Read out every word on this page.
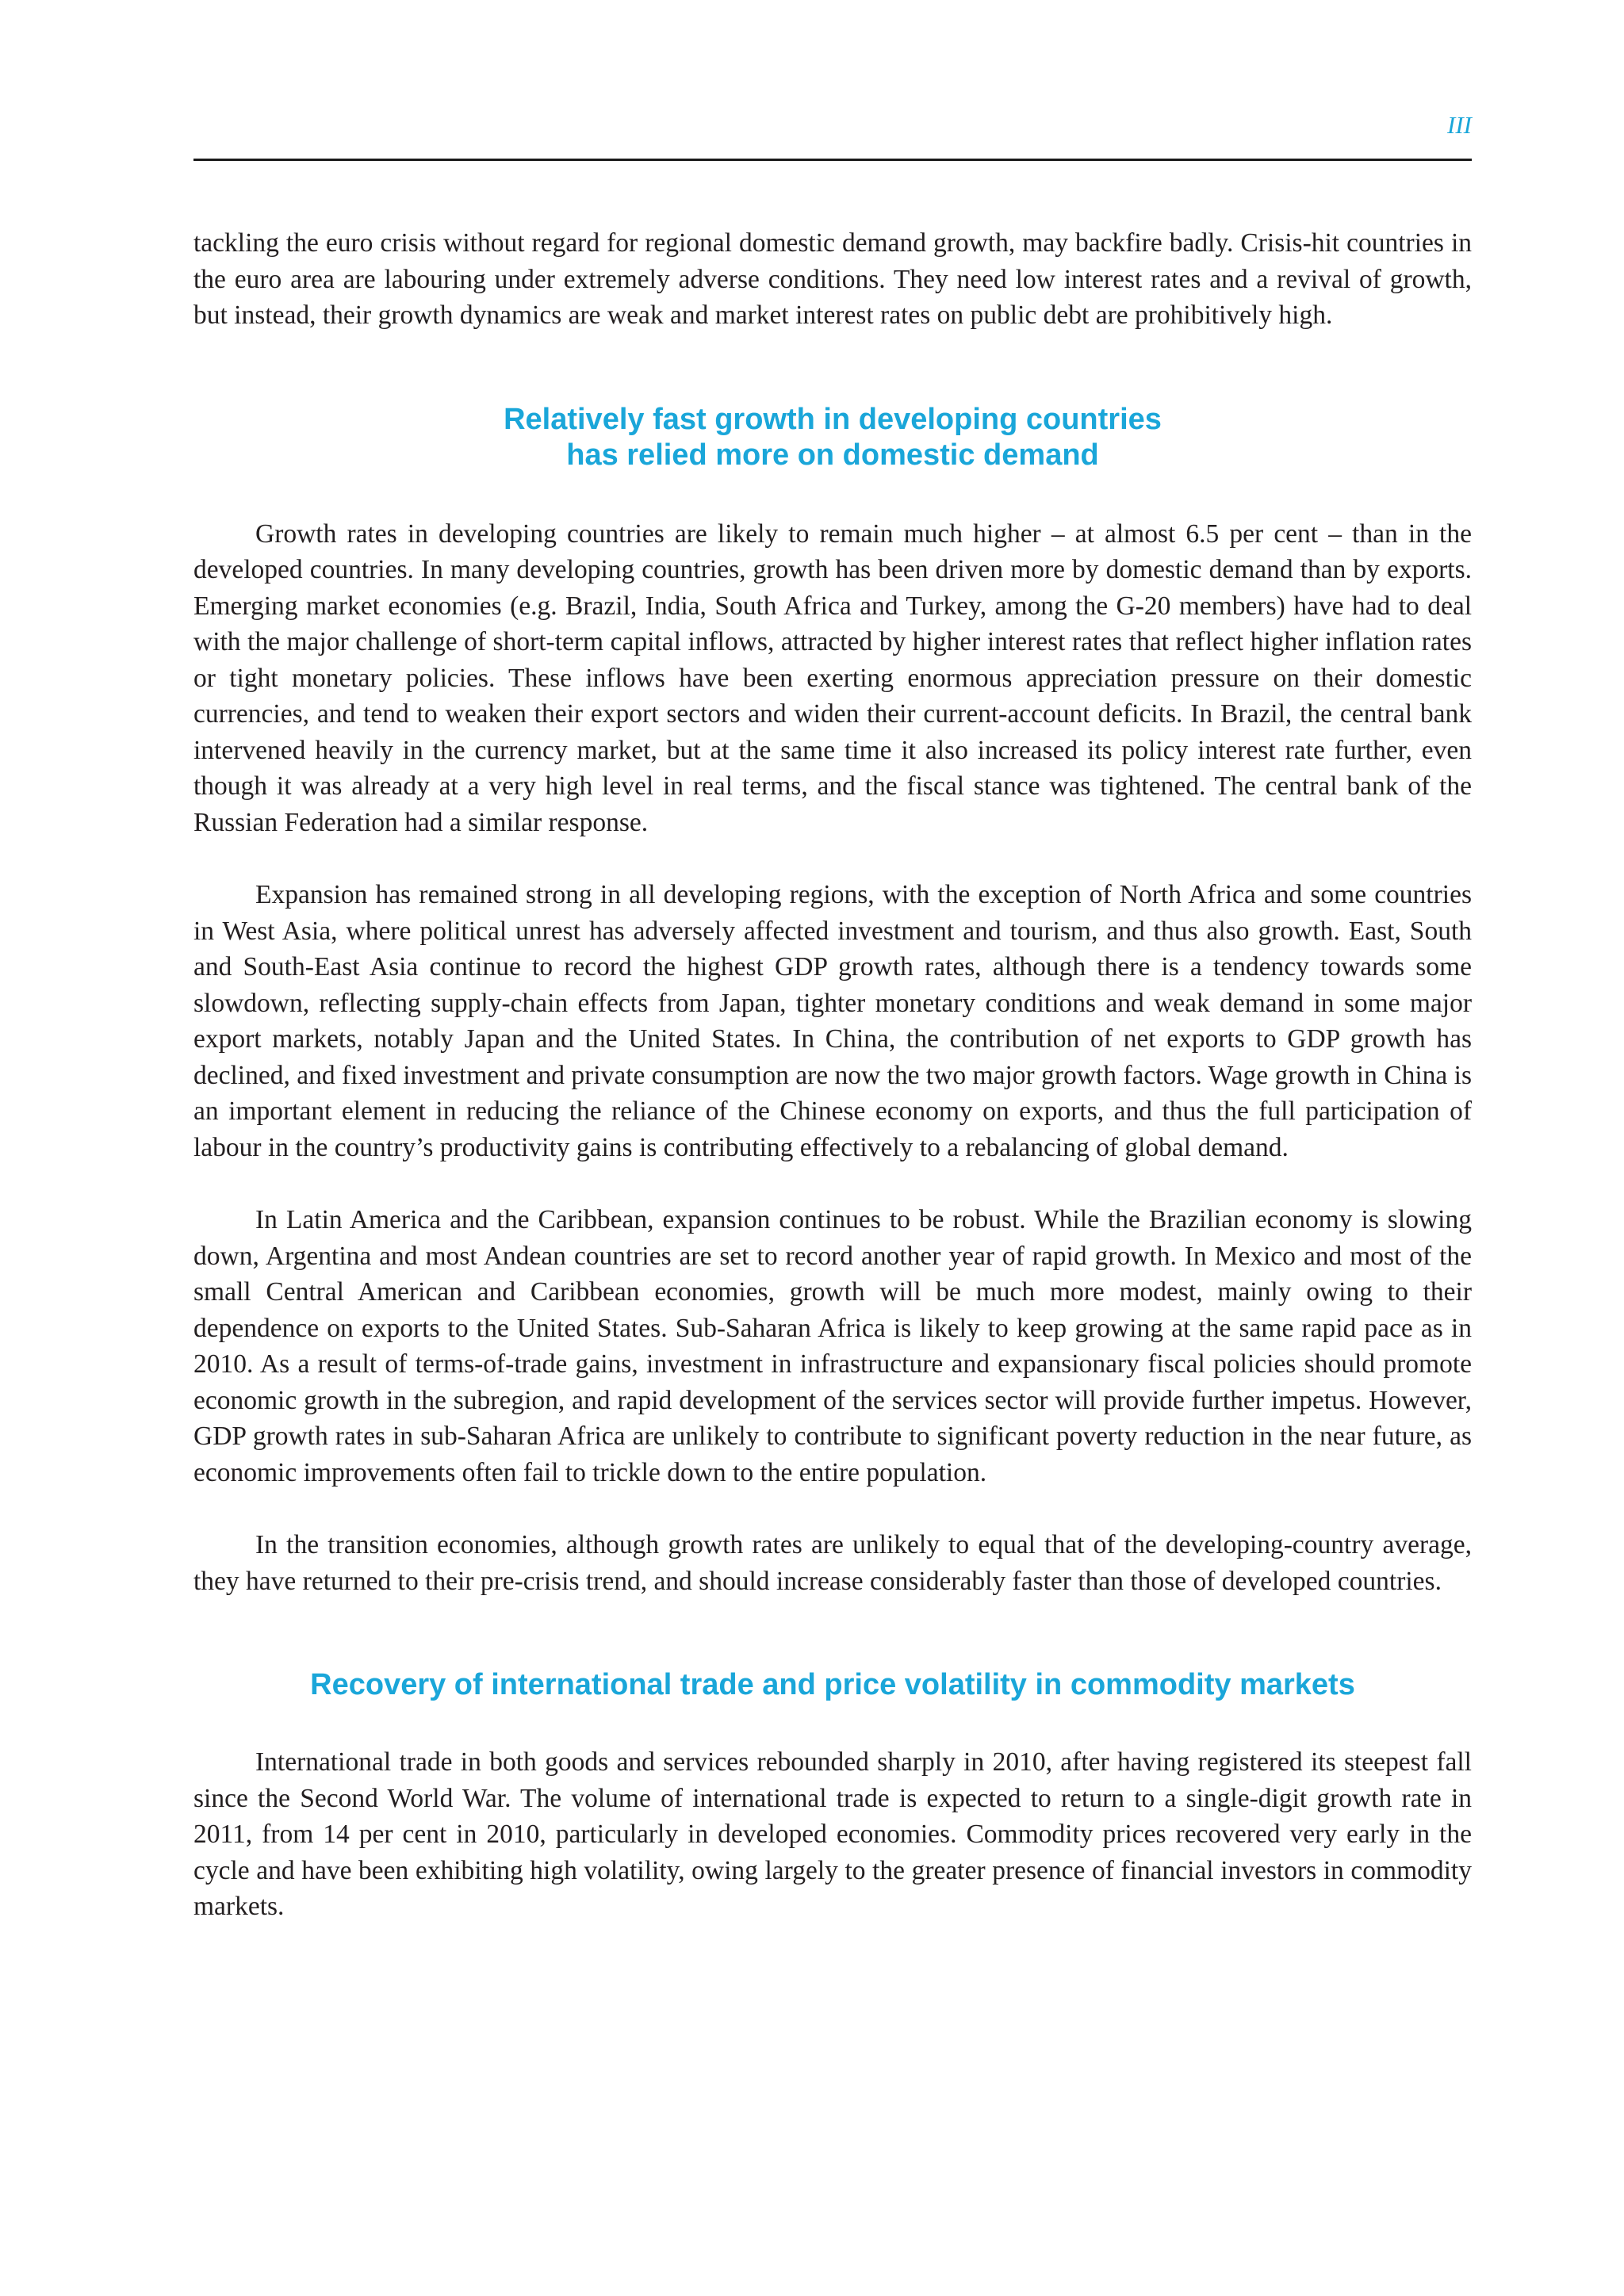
III

tackling the euro crisis without regard for regional domestic demand growth, may backfire badly. Crisis-hit countries in the euro area are labouring under extremely adverse conditions. They need low interest rates and a revival of growth, but instead, their growth dynamics are weak and market interest rates on public debt are prohibitively high.

Relatively fast growth in developing countries
has relied more on domestic demand

Growth rates in developing countries are likely to remain much higher – at almost 6.5 per cent – than in the developed countries. In many developing countries, growth has been driven more by domestic demand than by exports. Emerging market economies (e.g. Brazil, India, South Africa and Turkey, among the G-20 members) have had to deal with the major challenge of short-term capital inflows, attracted by higher interest rates that reflect higher inflation rates or tight monetary policies. These inflows have been exerting enormous appreciation pressure on their domestic currencies, and tend to weaken their export sectors and widen their current-account deficits. In Brazil, the central bank intervened heavily in the currency market, but at the same time it also increased its policy interest rate further, even though it was already at a very high level in real terms, and the fiscal stance was tightened. The central bank of the Russian Federation had a similar response.

Expansion has remained strong in all developing regions, with the exception of North Africa and some countries in West Asia, where political unrest has adversely affected investment and tourism, and thus also growth. East, South and South-East Asia continue to record the highest GDP growth rates, although there is a tendency towards some slowdown, reflecting supply-chain effects from Japan, tighter monetary conditions and weak demand in some major export markets, notably Japan and the United States. In China, the contribution of net exports to GDP growth has declined, and fixed investment and private consumption are now the two major growth factors. Wage growth in China is an important element in reducing the reliance of the Chinese economy on exports, and thus the full participation of labour in the country’s productivity gains is contributing effectively to a rebalancing of global demand.

In Latin America and the Caribbean, expansion continues to be robust. While the Brazilian economy is slowing down, Argentina and most Andean countries are set to record another year of rapid growth. In Mexico and most of the small Central American and Caribbean economies, growth will be much more modest, mainly owing to their dependence on exports to the United States. Sub-Saharan Africa is likely to keep growing at the same rapid pace as in 2010. As a result of terms-of-trade gains, investment in infrastructure and expansionary fiscal policies should promote economic growth in the subregion, and rapid development of the services sector will provide further impetus. However, GDP growth rates in sub-Saharan Africa are unlikely to contribute to significant poverty reduction in the near future, as economic improvements often fail to trickle down to the entire population.

In the transition economies, although growth rates are unlikely to equal that of the developing-country average, they have returned to their pre-crisis trend, and should increase considerably faster than those of developed countries.

Recovery of international trade and price volatility in commodity markets

International trade in both goods and services rebounded sharply in 2010, after having registered its steepest fall since the Second World War. The volume of international trade is expected to return to a single-digit growth rate in 2011, from 14 per cent in 2010, particularly in developed economies. Commodity prices recovered very early in the cycle and have been exhibiting high volatility, owing largely to the greater presence of financial investors in commodity markets.
